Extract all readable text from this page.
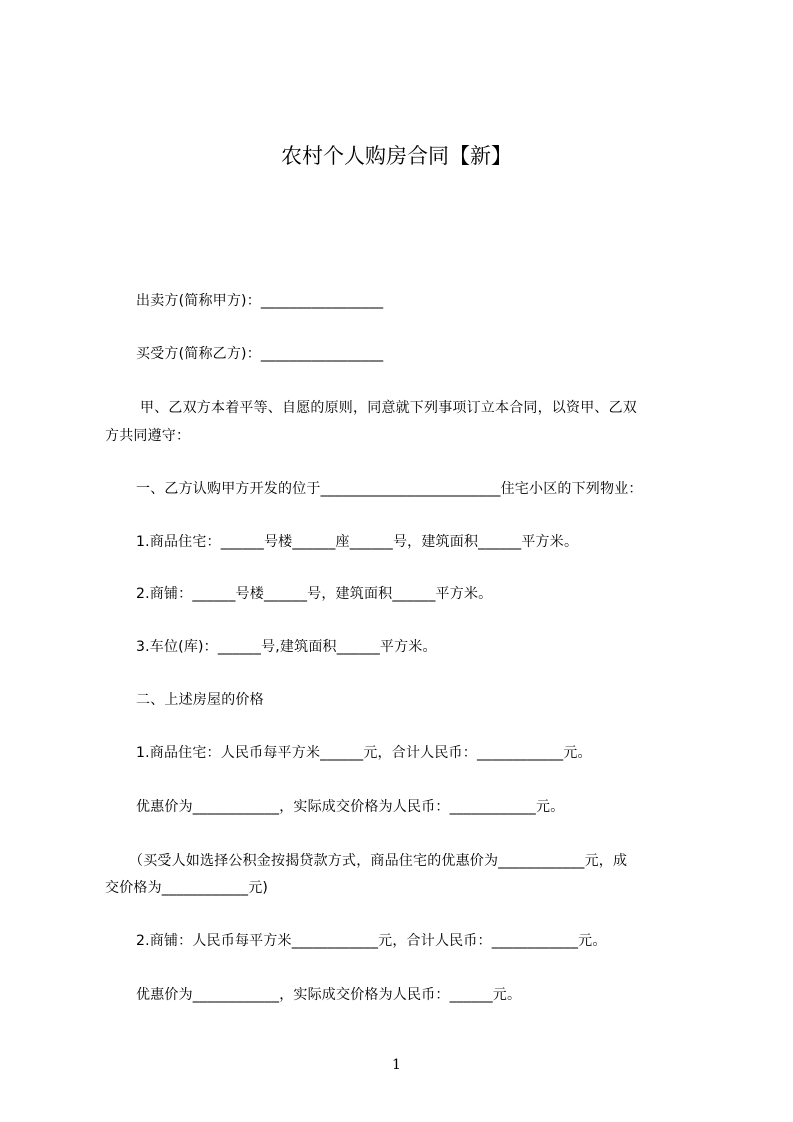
农村个人购房合同【新】
出卖方(简称甲方)：_________________
买受方(简称乙方)：_________________
甲、乙双方本着平等、自愿的原则，同意就下列事项订立本合同，以资甲、乙双
方共同遵守：
一、乙方认购甲方开发的位于_________________________住宅小区的下列物业：
1.商品住宅：______号楼______座______号，建筑面积______平方米。
2.商铺：______号楼______号，建筑面积______平方米。
3.车位(库)：______号,建筑面积______平方米。
二、上述房屋的价格
1.商品住宅：人民币每平方米______元，合计人民币：____________元。
优惠价为____________，实际成交价格为人民币：____________元。
（买受人如选择公积金按揭贷款方式，商品住宅的优惠价为____________元，成
交价格为____________元)
2.商铺：人民币每平方米____________元，合计人民币：____________元。
优惠价为____________，实际成交价格为人民币：______元。
1
